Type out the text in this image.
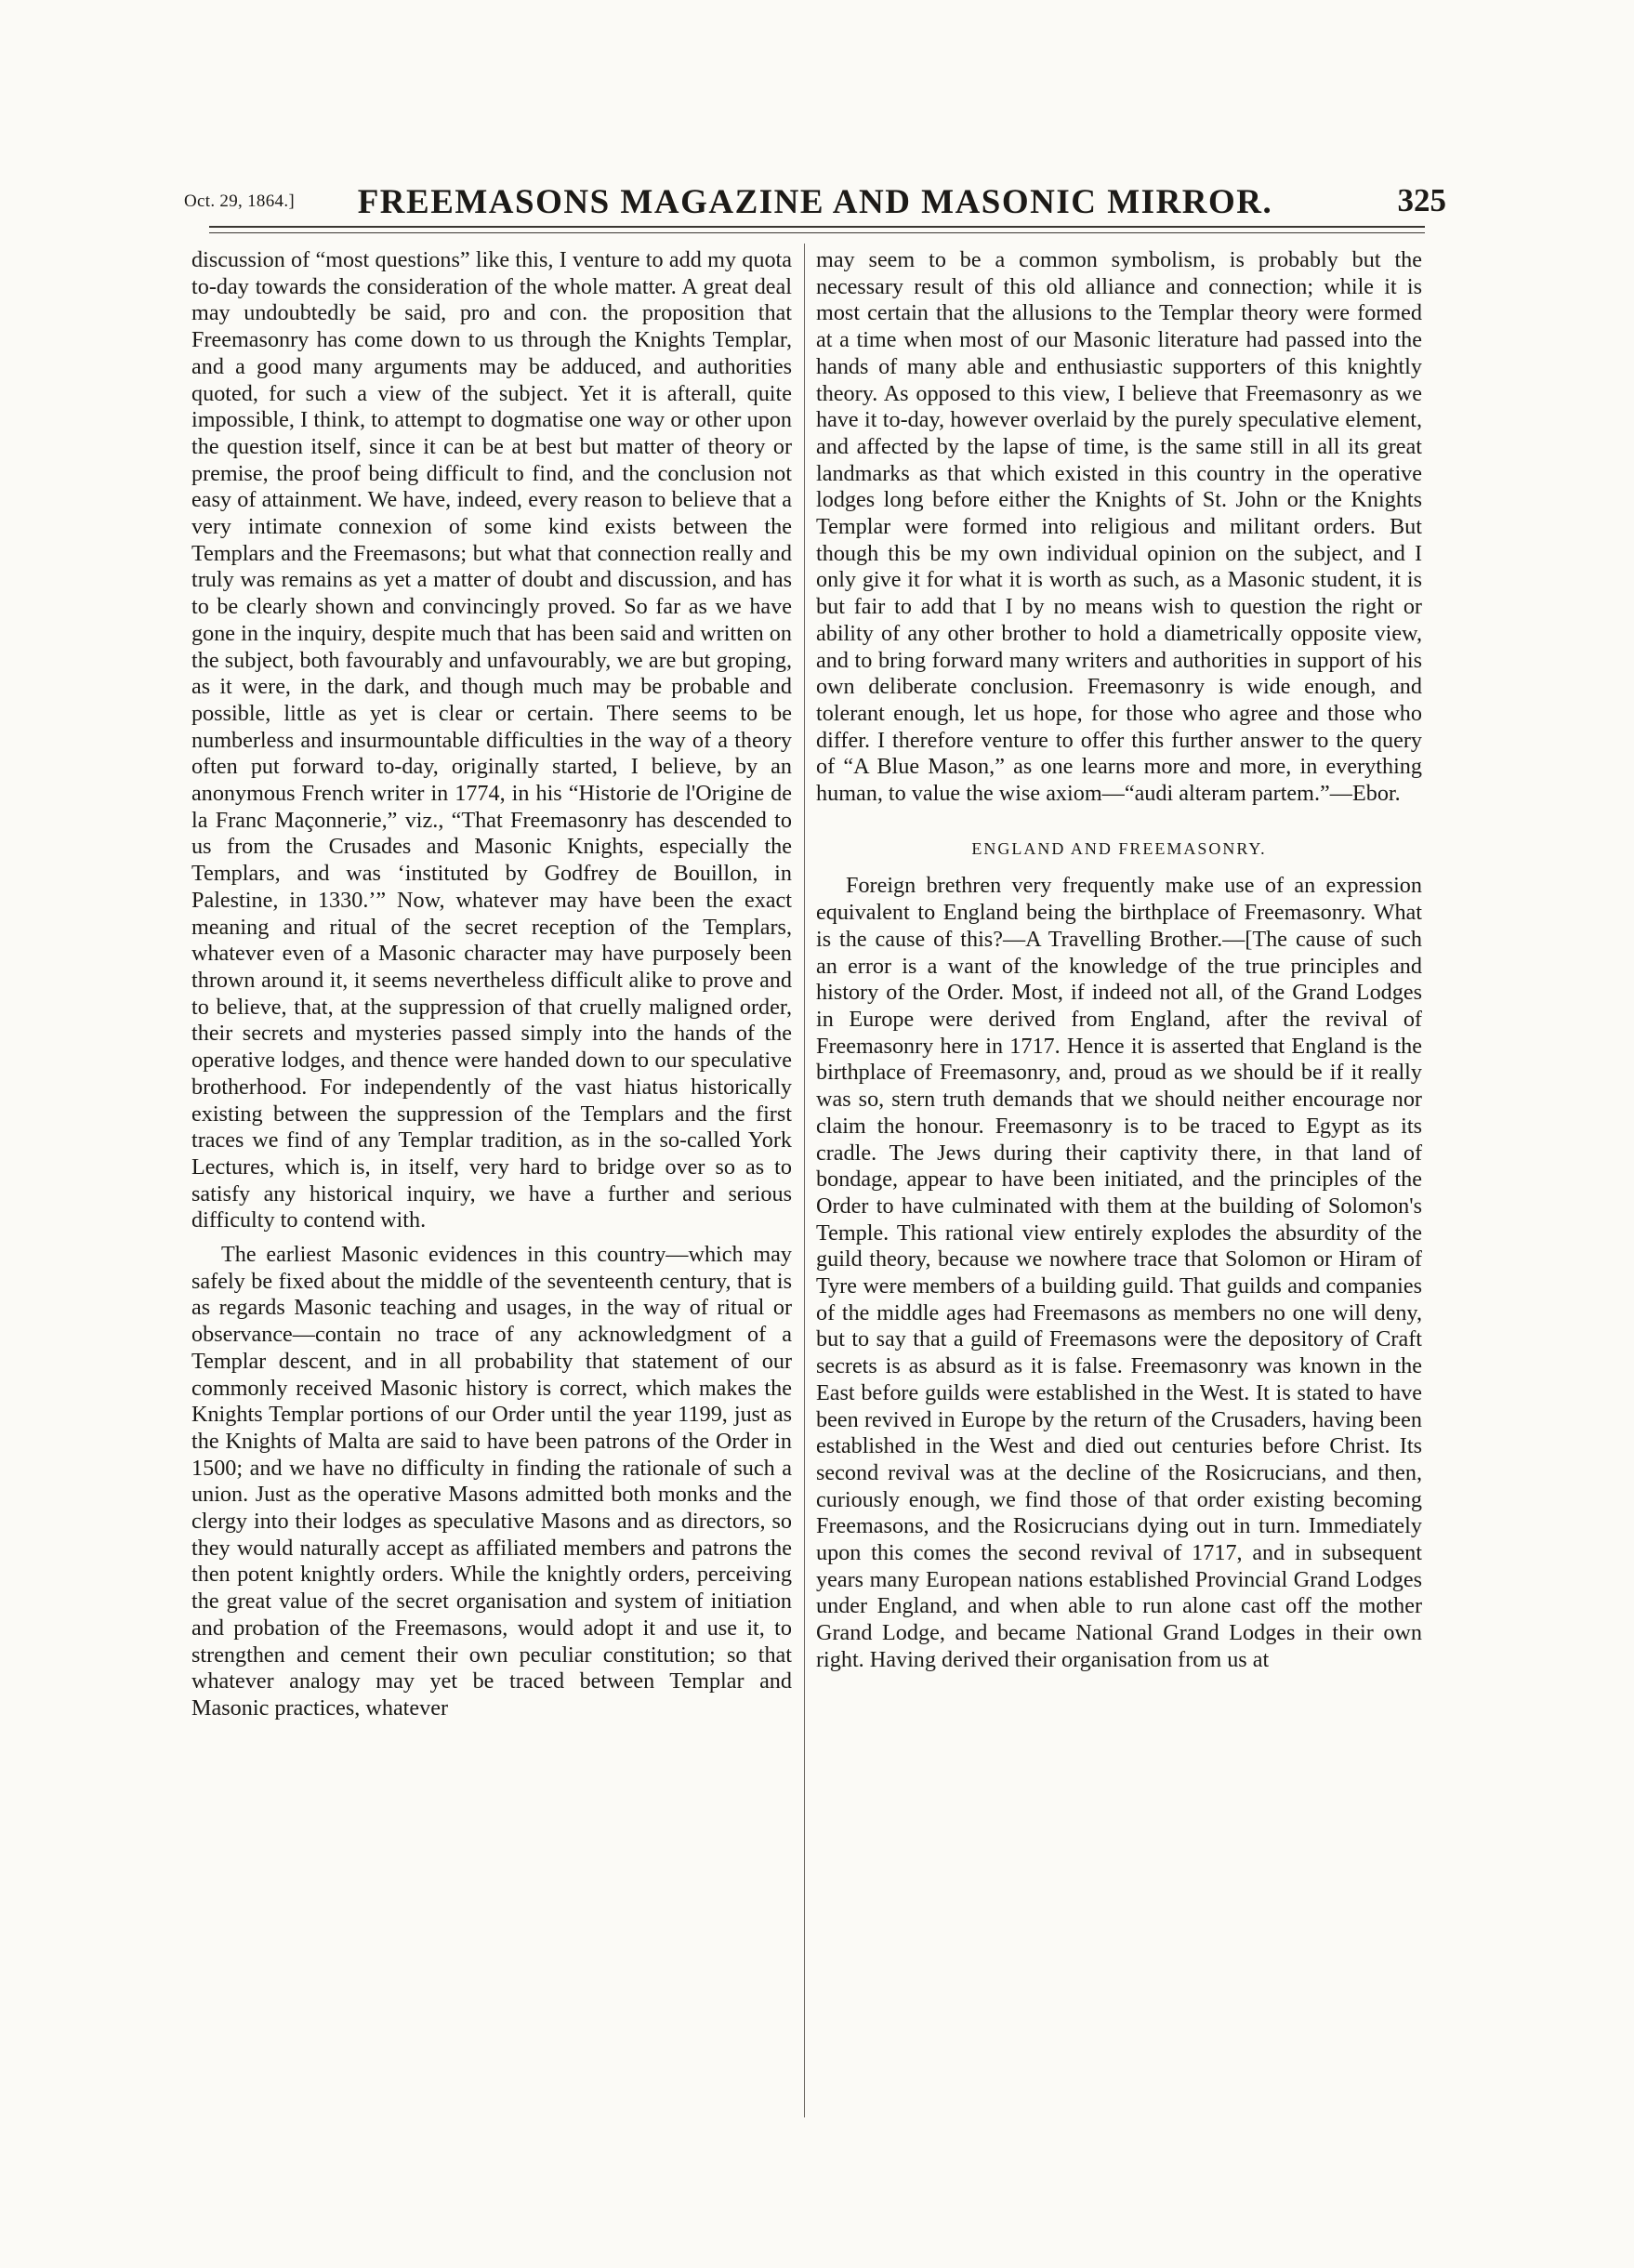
Oct. 29, 1864.]	FREEMASONS MAGAZINE AND MASONIC MIRROR.	325

discussion of “most questions” like this, I venture to add my quota to-day towards the consideration of the whole matter. A great deal may undoubtedly be said, pro and con. the proposition that Freemasonry has come down to us through the Knights Templar, and a good many arguments may be adduced, and authorities quoted, for such a view of the subject. Yet it is afterall, quite impossible, I think, to attempt to dogmatise one way or other upon the question itself, since it can be at best but matter of theory or premise, the proof being difficult to find, and the conclusion not easy of attainment. We have, indeed, every reason to believe that a very intimate connexion of some kind exists between the Templars and the Freemasons; but what that connection really and truly was remains as yet a matter of doubt and discussion, and has to be clearly shown and convincingly proved. So far as we have gone in the inquiry, despite much that has been said and written on the subject, both favourably and unfavourably, we are but groping, as it were, in the dark, and though much may be probable and possible, little as yet is clear or certain. There seems to be numberless and insurmountable difficulties in the way of a theory often put forward to-day, originally started, I believe, by an anonymous French writer in 1774, in his “Historie de l'Origine de la Franc Maçonnerie,” viz., “That Freemasonry has descended to us from the Crusades and Masonic Knights, especially the Templars, and was ‘instituted by Godfrey de Bouillon, in Palestine, in 1330.’” Now, whatever may have been the exact meaning and ritual of the secret reception of the Templars, whatever even of a Masonic character may have purposely been thrown around it, it seems nevertheless difficult alike to prove and to believe, that, at the suppression of that cruelly maligned order, their secrets and mysteries passed simply into the hands of the operative lodges, and thence were handed down to our speculative brotherhood. For independently of the vast hiatus historically existing between the suppression of the Templars and the first traces we find of any Templar tradition, as in the so-called York Lectures, which is, in itself, very hard to bridge over so as to satisfy any historical inquiry, we have a further and serious difficulty to contend with.

The earliest Masonic evidences in this country—which may safely be fixed about the middle of the seventeenth century, that is as regards Masonic teaching and usages, in the way of ritual or observance—contain no trace of any acknowledgment of a Templar descent, and in all probability that statement of our commonly received Masonic history is correct, which makes the Knights Templar portions of our Order until the year 1199, just as the Knights of Malta are said to have been patrons of the Order in 1500; and we have no difficulty in finding the rationale of such a union. Just as the operative Masons admitted both monks and the clergy into their lodges as speculative Masons and as directors, so they would naturally accept as affiliated members and patrons the then potent knightly orders. While the knightly orders, perceiving the great value of the secret organisation and system of initiation and probation of the Freemasons, would adopt it and use it, to strengthen and cement their own peculiar constitution; so that whatever analogy may yet be traced between Templar and Masonic practices, whatever

may seem to be a common symbolism, is probably but the necessary result of this old alliance and connection; while it is most certain that the allusions to the Templar theory were formed at a time when most of our Masonic literature had passed into the hands of many able and enthusiastic supporters of this knightly theory. As opposed to this view, I believe that Freemasonry as we have it to-day, however overlaid by the purely speculative element, and affected by the lapse of time, is the same still in all its great landmarks as that which existed in this country in the operative lodges long before either the Knights of St. John or the Knights Templar were formed into religious and militant orders. But though this be my own individual opinion on the subject, and I only give it for what it is worth as such, as a Masonic student, it is but fair to add that I by no means wish to question the right or ability of any other brother to hold a diametrically opposite view, and to bring forward many writers and authorities in support of his own deliberate conclusion. Freemasonry is wide enough, and tolerant enough, let us hope, for those who agree and those who differ. I therefore venture to offer this further answer to the query of “A Blue Mason,” as one learns more and more, in everything human, to value the wise axiom—“audi alteram partem.”—Ebor.

ENGLAND AND FREEMASONRY.

Foreign brethren very frequently make use of an expression equivalent to England being the birthplace of Freemasonry. What is the cause of this?—A Travelling Brother.—[The cause of such an error is a want of the knowledge of the true principles and history of the Order. Most, if indeed not all, of the Grand Lodges in Europe were derived from England, after the revival of Freemasonry here in 1717. Hence it is asserted that England is the birthplace of Freemasonry, and, proud as we should be if it really was so, stern truth demands that we should neither encourage nor claim the honour. Freemasonry is to be traced to Egypt as its cradle. The Jews during their captivity there, in that land of bondage, appear to have been initiated, and the principles of the Order to have culminated with them at the building of Solomon's Temple. This rational view entirely explodes the absurdity of the guild theory, because we nowhere trace that Solomon or Hiram of Tyre were members of a building guild. That guilds and companies of the middle ages had Freemasons as members no one will deny, but to say that a guild of Freemasons were the depository of Craft secrets is as absurd as it is false. Freemasonry was known in the East before guilds were established in the West. It is stated to have been revived in Europe by the return of the Crusaders, having been established in the West and died out centuries before Christ. Its second revival was at the decline of the Rosicrucians, and then, curiously enough, we find those of that order existing becoming Freemasons, and the Rosicrucians dying out in turn. Immediately upon this comes the second revival of 1717, and in subsequent years many European nations established Provincial Grand Lodges under England, and when able to run alone cast off the mother Grand Lodge, and became National Grand Lodges in their own right. Having derived their organisation from us at
